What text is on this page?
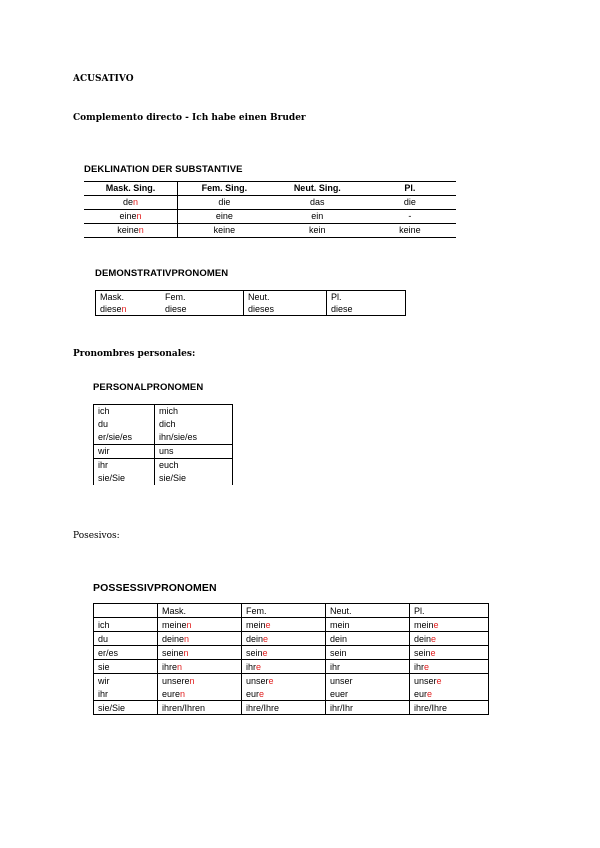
ACUSATIVO
Complemento directo - Ich habe einen Bruder
DEKLINATION DER SUBSTANTIVE
Mask. Sing.	Fem. Sing.	Neut. Sing.	Pl.
den	die	das	die
einen	eine	ein	-
keinen	keine	kein	keine
DEMONSTRATIVPRONOMEN
Mask.	Fem.	Neut.	Pl.
diesen	diese	dieses	diese
Pronombres personales:
PERSONALPRONOMEN
ich	mich
du	dich
er/sie/es	ihn/sie/es
wir	uns
ihr	euch
sie/Sie	sie/Sie
Posesivos:
POSSESSIVPRONOMEN
	Mask.	Fem.	Neut.	Pl.
ich	meinen	meine	mein	meine
du	deinen	deine	dein	deine
er/es	seinen	seine	sein	seine
sie	ihren	ihre	ihr	ihre
wir	unseren	unsere	unser	unsere
ihr	euren	eure	euer	eure
sie/Sie	ihren/Ihren	ihre/Ihre	ihr/Ihr	ihre/Ihre
